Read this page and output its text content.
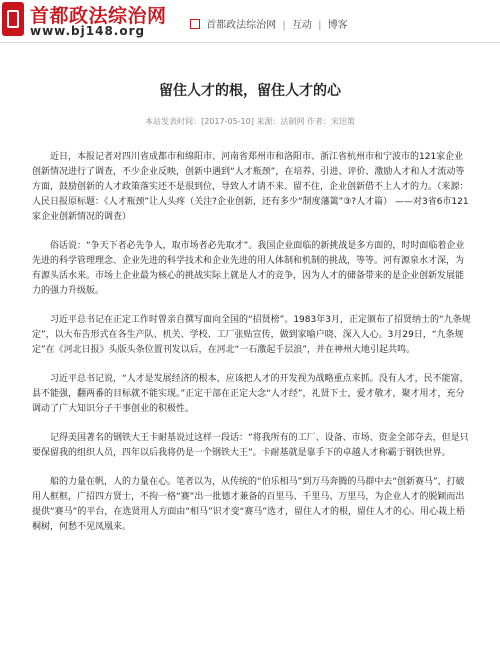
首都政法综治网
www.bj148.org	首都政法综治网 | 互动 | 博客
留住人才的根，留住人才的心
本站发表时间：[2017-05-10] 来源：法制网 作者：宋迅策

近日，本报记者对四川省成都市和绵阳市、河南省郑州市和洛阳市、浙江省杭州市和宁波市的121家企业创新情况进行了调查，不少企业反映，创新中遇到“人才瓶颈”，在培养、引进、评价、激励人才和人才流动等方面，鼓励创新的人才政策落实还不是很到位，导致人才请不来、留不住，企业创新借不上人才的力。（来源：人民日报原标题：《人才瓶颈”让人头疼（关注?企业创新，还有多少“制度藩篱”③?人才篇） ——对3省6市121家企业创新情况的调查）

俗话说：“争天下者必先争人，取市场者必先取才”。我国企业面临的新挑战是多方面的，时时面临着企业先进的科学管理理念、企业先进的科学技术和企业先进的用人体制和机制的挑战，等等。河有源泉水才深，为有源头活水来。市场上企业最为核心的挑战实际上就是人才的竞争，因为人才的储备带来的是企业创新发展能力的强力升级版。

习近平总书记在正定工作时曾亲自撰写面向全国的“招贤榜”。1983年3月，正定颁布了招贤纳士的“九条规定”，以大布告形式在各生产队、机关、学校、工厂张贴宣传，做到家喻户晓、深入人心。3月29日，“九条规定”在《河北日报》头版头条位置刊发以后，在河北“一石激起千层浪”，并在神州大地引起共鸣。

习近平总书记说，“人才是发展经济的根本，应该把人才的开发视为战略重点来抓。没有人才，民不能富，县不能强，翻两番的目标就不能实现。”正定干部在正定大念“人才经”，礼贤下士，爱才敬才，聚才用才，充分调动了广大知识分子干事创业的积极性。

记得美国著名的钢铁大王卡耐基说过这样一段话：“将我所有的工厂、设备、市场、资金全部夺去，但是只要保留我的组织人员，四年以后我将仍是一个钢铁大王”。卡耐基就是靠手下的卓越人才称霸于钢铁世界。

船的力量在帆，人的力量在心。笔者以为，从传统的“伯乐相马”到万马奔腾的马群中去“创新赛马”，打破用人框框，广招四方贤士，不拘一格“赛”出一批德才兼备的百里马、千里马、万里马，为企业人才的脱颖而出提供“赛马”的平台，在选贤用人方面由“相马”识才变“赛马”选才，留住人才的根，留住人才的心。用心栽上梧桐树，何愁不见凤凰来。
